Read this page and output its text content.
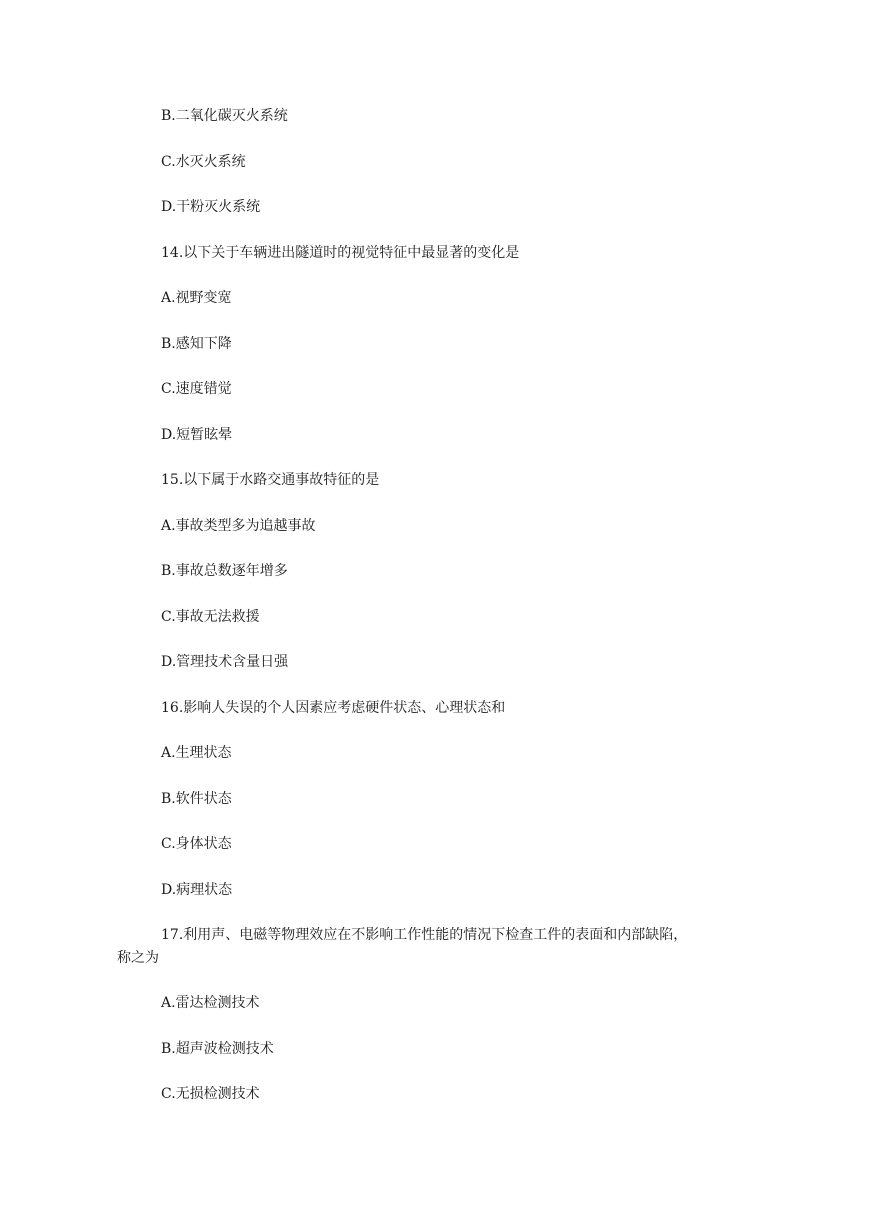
B.二氧化碳灭火系统
C.水灭火系统
D.干粉灭火系统
14.以下关于车辆进出隧道时的视觉特征中最显著的变化是
A.视野变宽
B.感知下降
C.速度错觉
D.短暂眩晕
15.以下属于水路交通事故特征的是
A.事故类型多为追越事故
B.事故总数逐年增多
C.事故无法救援
D.管理技术含量日强
16.影响人失误的个人因素应考虑硬件状态、心理状态和
A.生理状态
B.软件状态
C.身体状态
D.病理状态
17.利用声、电磁等物理效应在不影响工作性能的情况下检查工件的表面和内部缺陷，
称之为
A.雷达检测技术
B.超声波检测技术
C.无损检测技术
